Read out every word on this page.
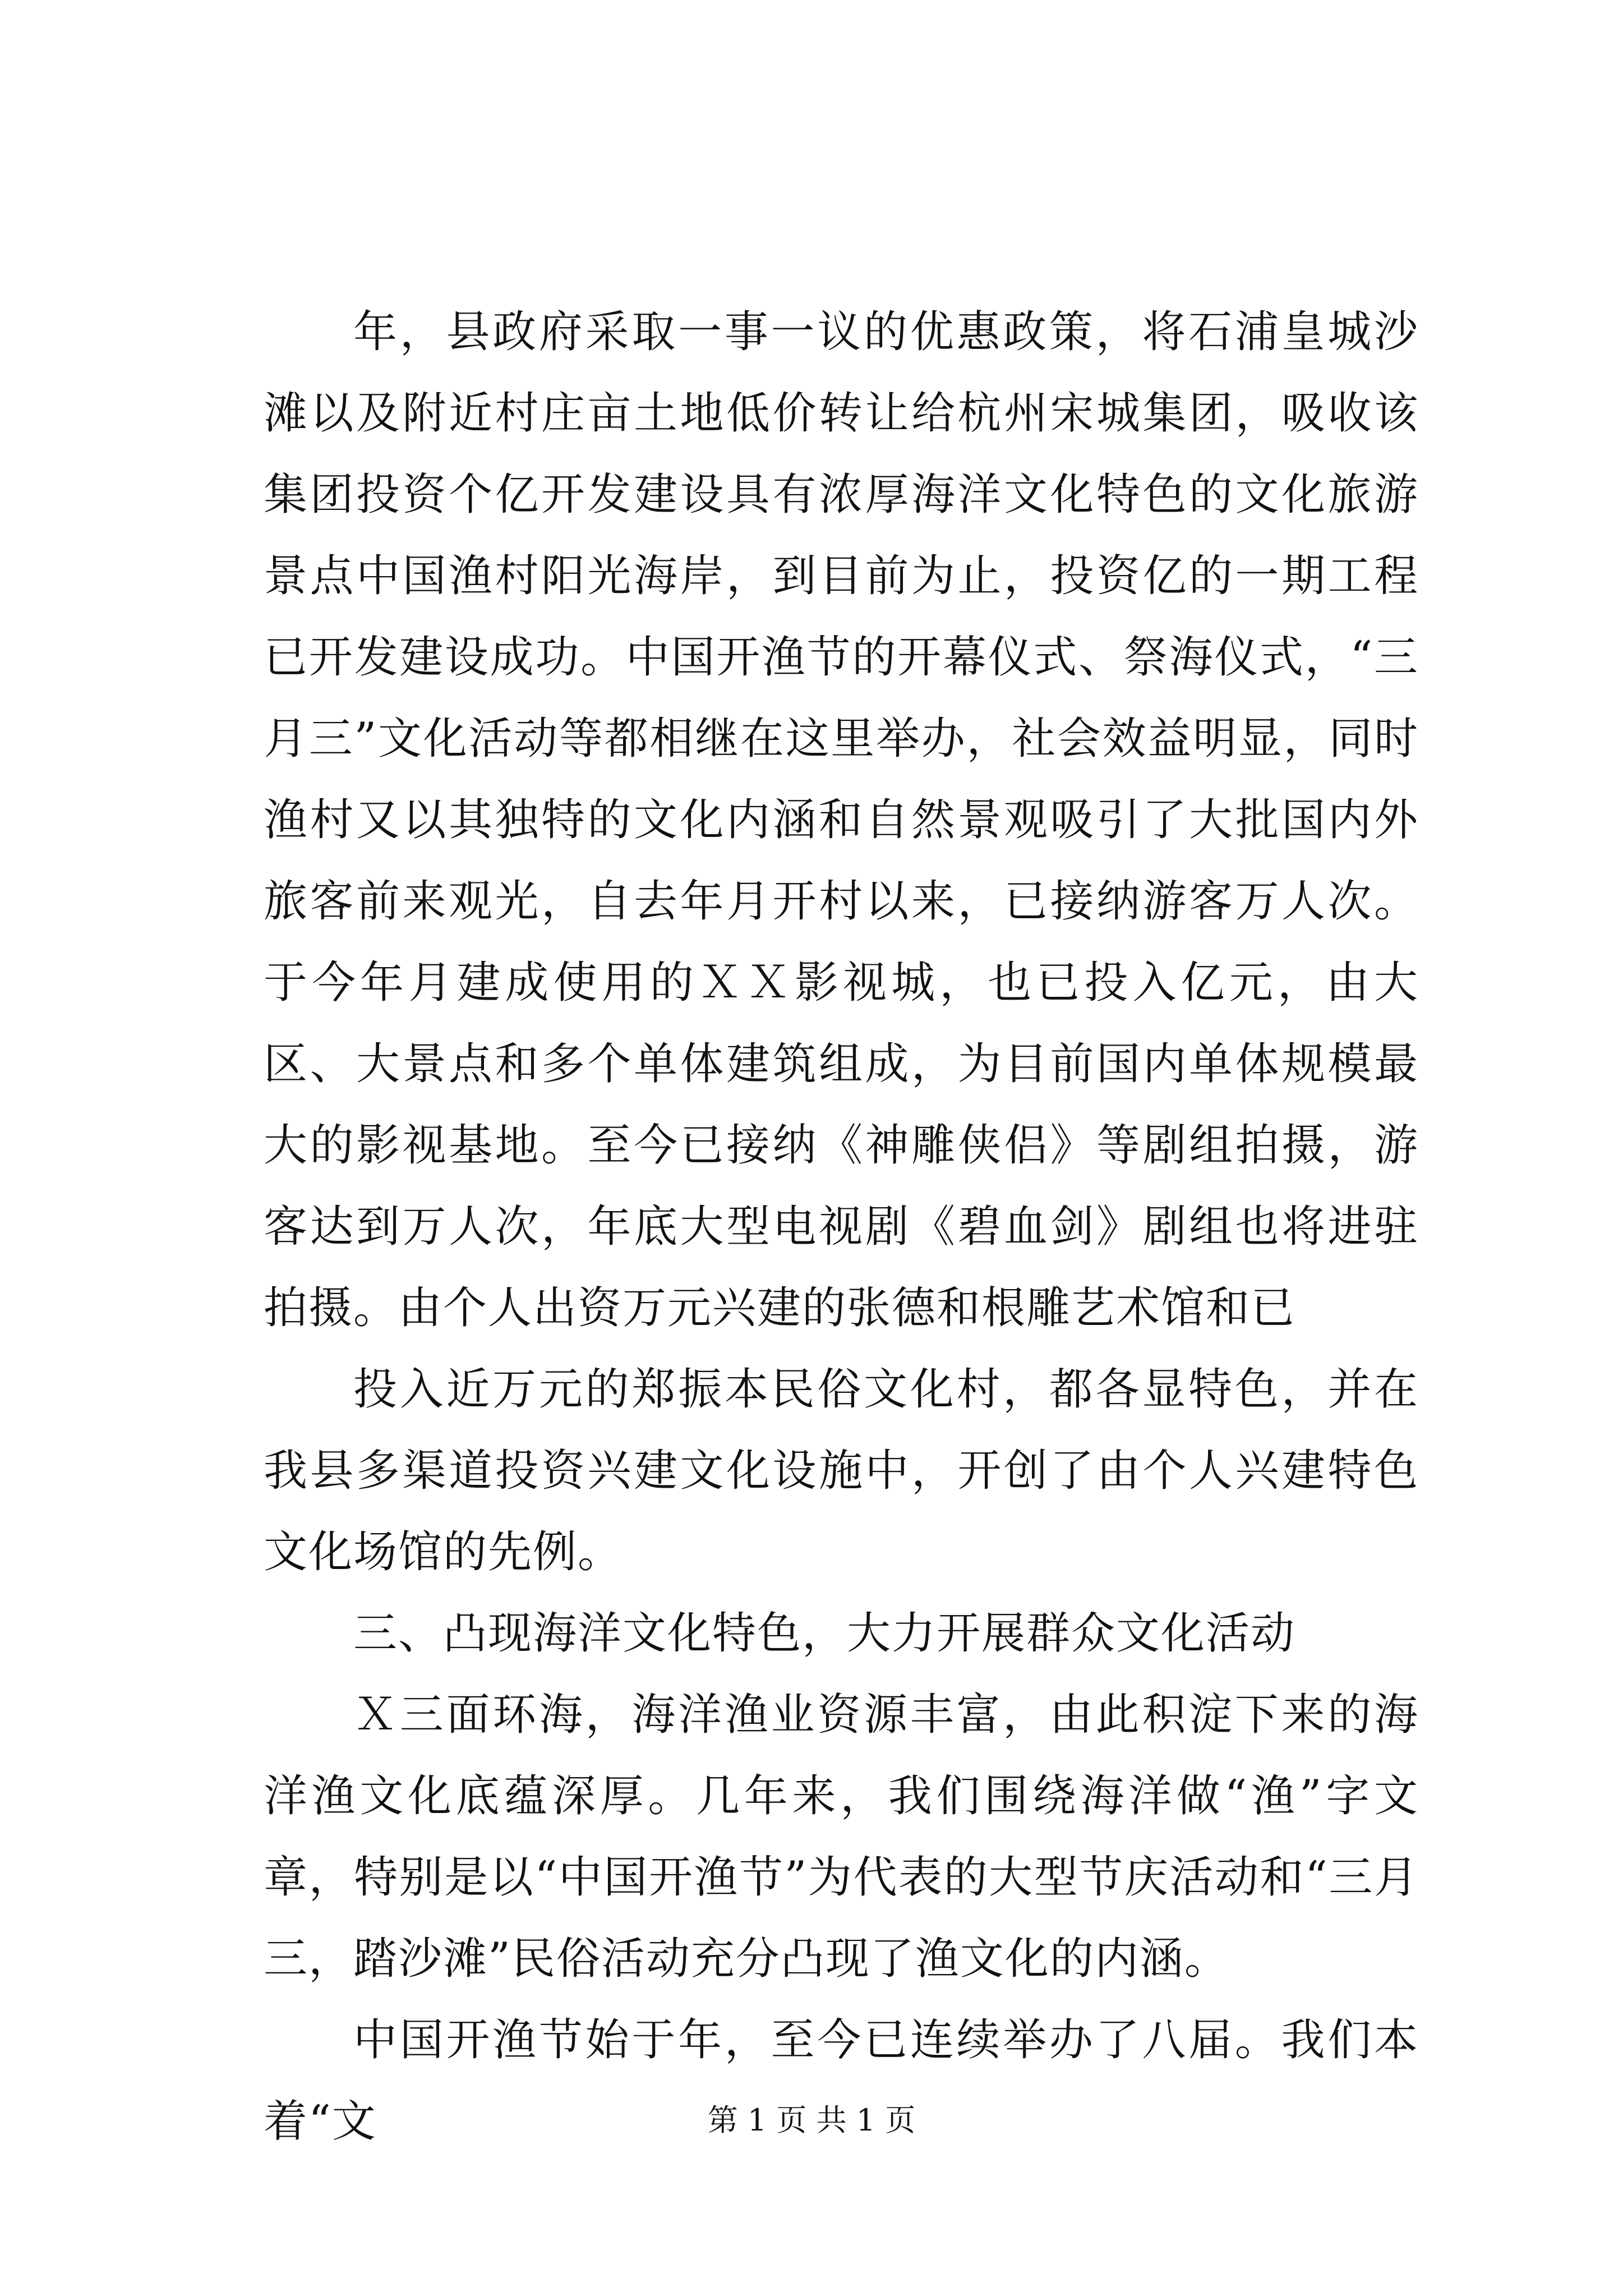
年，县政府采取一事一议的优惠政策，将石浦皇城沙滩以及附近村庄亩土地低价转让给杭州宋城集团，吸收该集团投资个亿开发建设具有浓厚海洋文化特色的文化旅游景点中国渔村阳光海岸，到目前为止，投资亿的一期工程已开发建设成功。中国开渔节的开幕仪式、祭海仪式，“三月三”文化活动等都相继在这里举办，社会效益明显，同时渔村又以其独特的文化内涵和自然景观吸引了大批国内外旅客前来观光，自去年月开村以来，已接纳游客万人次。于今年月建成使用的ＸＸ影视城，也已投入亿元，由大区、大景点和多个单体建筑组成，为目前国内单体规模最大的影视基地。至今已接纳《神雕侠侣》等剧组拍摄，游客达到万人次，年底大型电视剧《碧血剑》剧组也将进驻拍摄。由个人出资万元兴建的张德和根雕艺术馆和已

投入近万元的郑振本民俗文化村，都各显特色，并在我县多渠道投资兴建文化设施中，开创了由个人兴建特色文化场馆的先例。

三、凸现海洋文化特色，大力开展群众文化活动

Ｘ三面环海，海洋渔业资源丰富，由此积淀下来的海洋渔文化底蕴深厚。几年来，我们围绕海洋做“渔”字文章，特别是以“中国开渔节”为代表的大型节庆活动和“三月三，踏沙滩”民俗活动充分凸现了渔文化的内涵。

中国开渔节始于年，至今已连续举办了八届。我们本着“文	第 1 页 共 1 页
